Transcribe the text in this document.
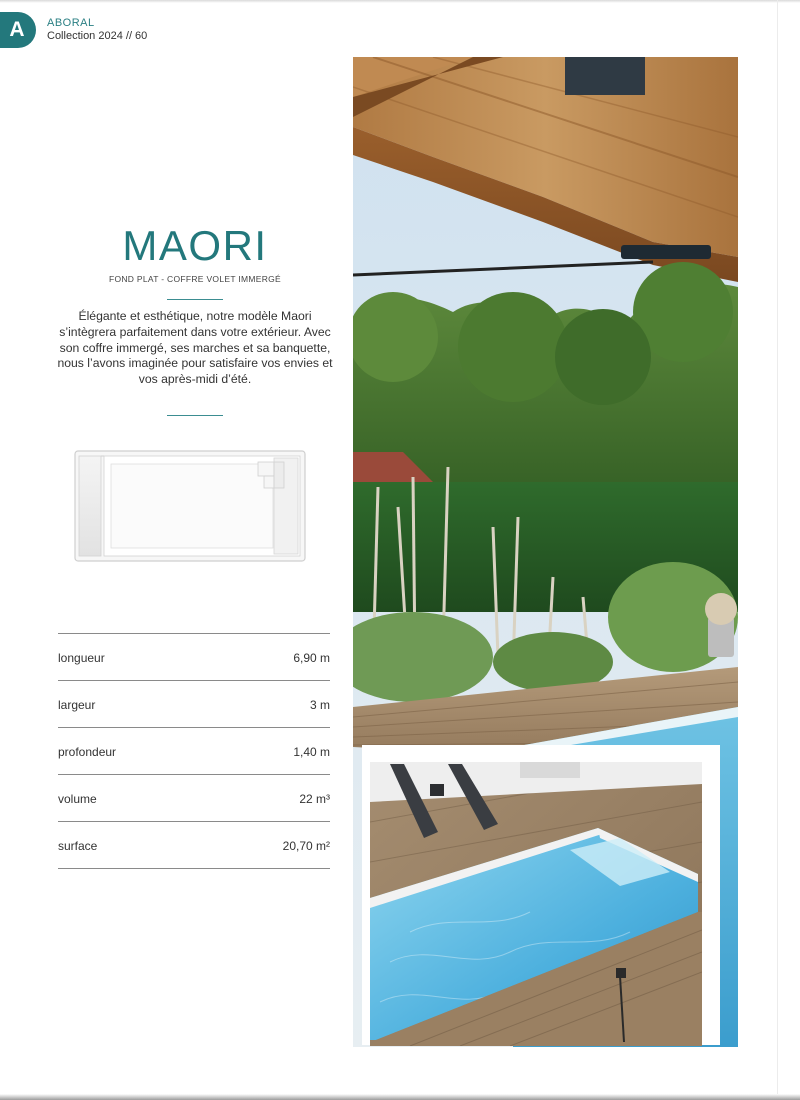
A ABORAL
Collection 2024 // 60
MAORI
FOND PLAT - COFFRE VOLET IMMERGÉ
Élégante et esthétique, notre modèle Maori s’intègrera parfaitement dans votre extérieur. Avec son coffre immergé, ses marches et sa banquette, nous l’avons imaginée pour satisfaire vos envies et vos après-midi d’été.
longueur	6,90 m
largeur	3 m
profondeur	1,40 m
volume	22 m³
surface	20,70 m²
